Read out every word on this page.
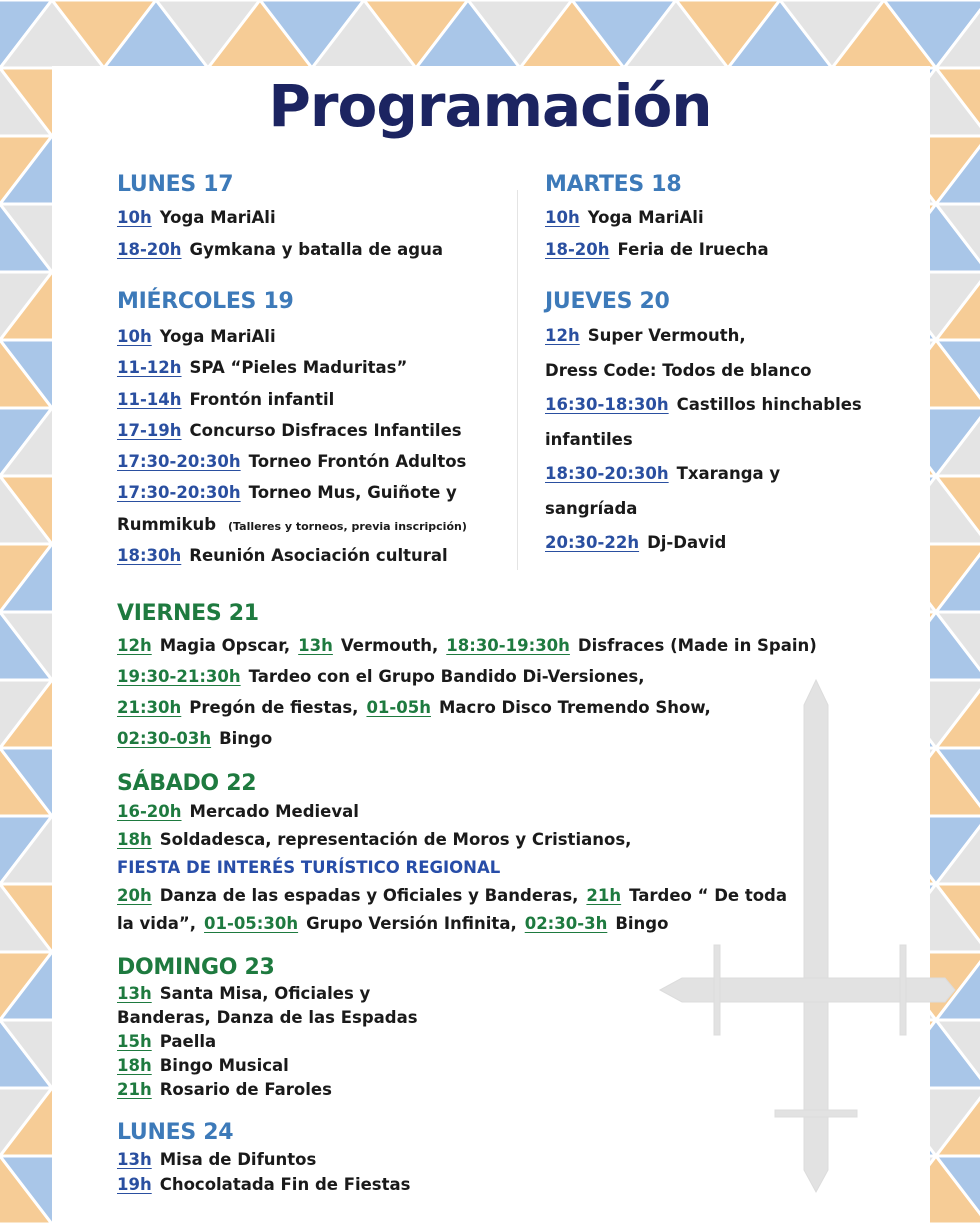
Programación
LUNES 17
10h Yoga MariAli
18-20h Gymkana y batalla de agua
MARTES 18
10h Yoga MariAli
18-20h Feria de Iruecha
MIÉRCOLES 19
10h Yoga MariAli
11-12h SPA “Pieles Maduritas”
11-14h Frontón infantil
17-19h Concurso Disfraces Infantiles
17:30-20:30h Torneo Frontón Adultos
17:30-20:30h Torneo Mus, Guiñote y
Rummikub (Talleres y torneos, previa inscripción)
18:30h Reunión Asociación cultural
JUEVES 20
12h Super Vermouth,
Dress Code: Todos de blanco
16:30-18:30h Castillos hinchables
infantiles
18:30-20:30h Txaranga y
sangríada
20:30-22h Dj-David
VIERNES 21
12h Magia Opscar, 13h Vermouth, 18:30-19:30h Disfraces (Made in Spain)
19:30-21:30h Tardeo con el Grupo Bandido Di-Versiones,
21:30h Pregón de fiestas, 01-05h Macro Disco Tremendo Show,
02:30-03h Bingo
SÁBADO 22
16-20h Mercado Medieval
18h Soldadesca, representación de Moros y Cristianos,
FIESTA DE INTERÉS TURÍSTICO REGIONAL
20h Danza de las espadas y Oficiales y Banderas, 21h Tardeo “ De toda
la vida”, 01-05:30h Grupo Versión Infinita, 02:30-3h Bingo
DOMINGO 23
13h Santa Misa, Oficiales y
Banderas, Danza de las Espadas
15h Paella
18h Bingo Musical
21h Rosario de Faroles
LUNES 24
13h Misa de Difuntos
19h Chocolatada Fin de Fiestas
